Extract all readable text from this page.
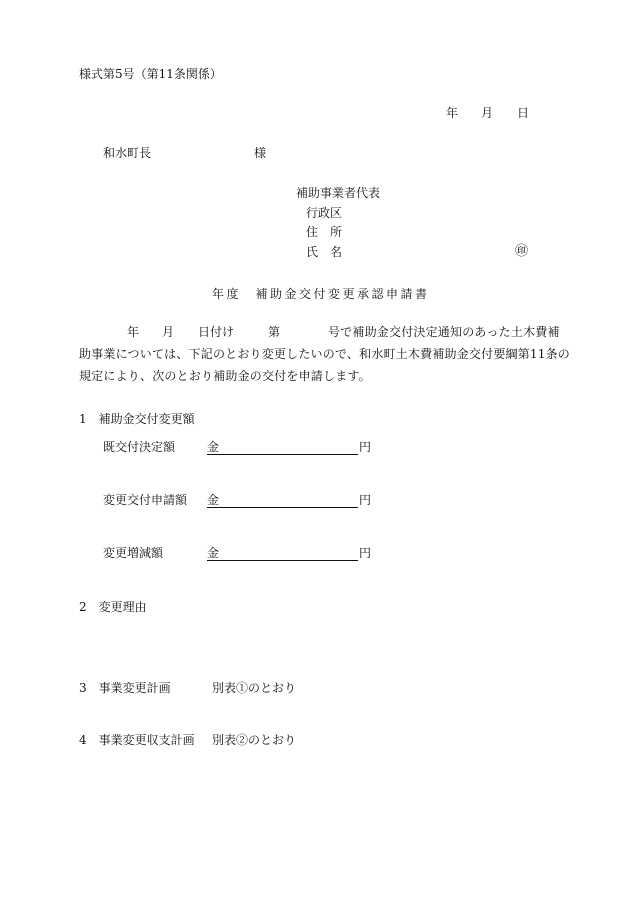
様式第5号（第11条関係）
年 月 日
和水町長	様
補助事業者代表
行政区
住　所
氏　名	㊞
年度　補助金交付変更承認申請書
年 月 日付け	第	号で補助金交付決定通知のあった土木費補
助事業については、下記のとおり変更したいので、和水町土木費補助金交付要綱第11条の
規定により、次のとおり補助金の交付を申請します。
1　補助金交付変更額
既交付決定額	金	円
変更交付申請額 金	円
変更増減額	金	円
2　変更理由
3　事業変更計画	別表①のとおり
4　事業変更収支計画 別表②のとおり
